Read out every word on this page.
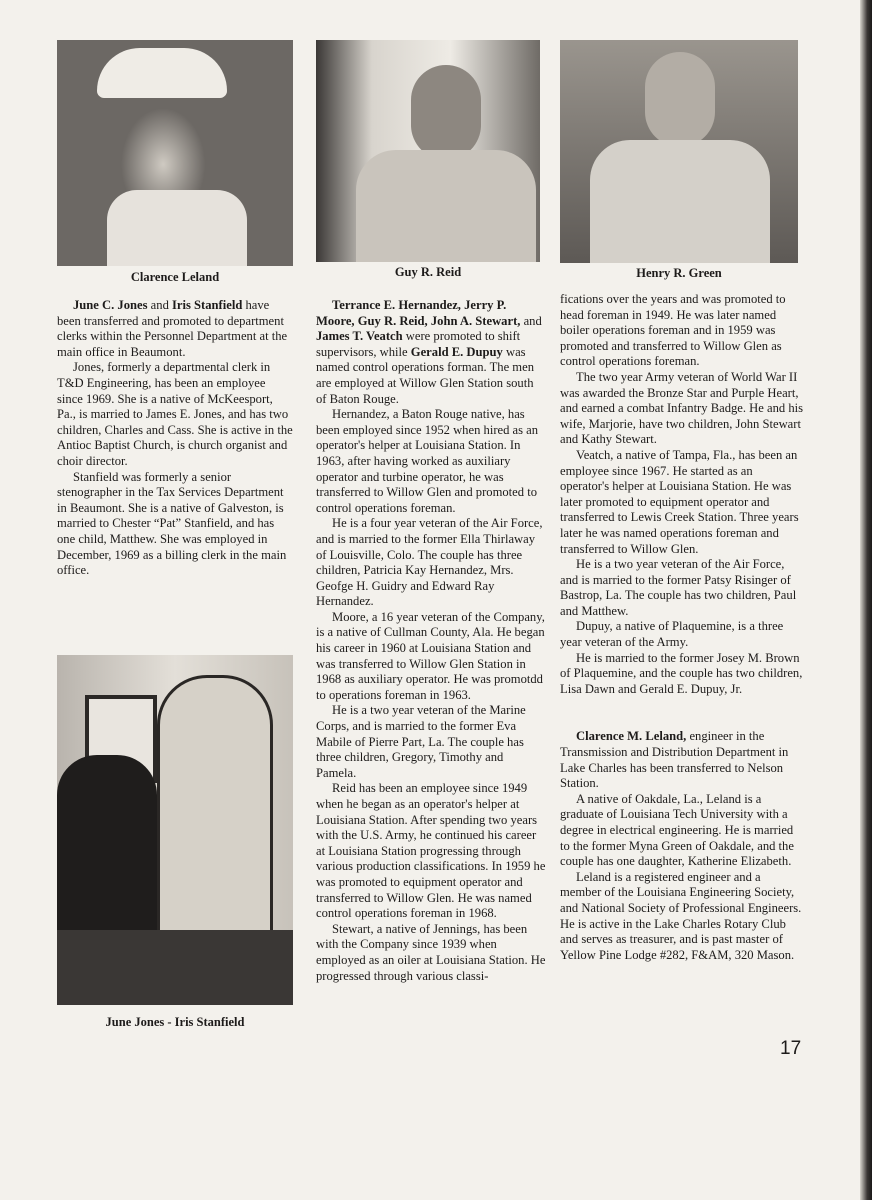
Clarence Leland	Guy R. Reid	Henry R. Green
June Jones - Iris Stanfield

June C. Jones and Iris Stanfield have been transferred and promoted to department clerks within the Personnel Department at the main office in Beaumont.

Jones, formerly a departmental clerk in T&D Engineering, has been an employee since 1969. She is a native of McKeesport, Pa., is married to James E. Jones, and has two children, Charles and Cass. She is active in the Antioc Baptist Church, is church organist and choir director.

Stanfield was formerly a senior stenographer in the Tax Services Department in Beaumont. She is a native of Galveston, is married to Chester “Pat” Stanfield, and has one child, Matthew. She was employed in December, 1969 as a billing clerk in the main office.

Terrance E. Hernandez, Jerry P. Moore, Guy R. Reid, John A. Stewart, and James T. Veatch were promoted to shift supervisors, while Gerald E. Dupuy was named control operations forman. The men are employed at Willow Glen Station south of Baton Rouge.

Hernandez, a Baton Rouge native, has been employed since 1952 when hired as an operator's helper at Louisiana Station. In 1963, after having worked as auxiliary operator and turbine operator, he was transferred to Willow Glen and promoted to control operations foreman.

He is a four year veteran of the Air Force, and is married to the former Ella Thirlaway of Louisville, Colo. The couple has three children, Patricia Kay Hernandez, Mrs. Geofge H. Guidry and Edward Ray Hernandez.

Moore, a 16 year veteran of the Company, is a native of Cullman County, Ala. He began his career in 1960 at Louisiana Station and was transferred to Willow Glen Station in 1968 as auxiliary operator. He was promotdd to operations foreman in 1963.

He is a two year veteran of the Marine Corps, and is married to the former Eva Mabile of Pierre Part, La. The couple has three children, Gregory, Timothy and Pamela.

Reid has been an employee since 1949 when he began as an operator's helper at Louisiana Station. After spending two years with the U.S. Army, he continued his career at Louisiana Station progressing through various production classifications. In 1959 he was promoted to equipment operator and transferred to Willow Glen. He was named control operations foreman in 1968.

Stewart, a native of Jennings, has been with the Company since 1939 when employed as an oiler at Louisiana Station. He progressed through various classi-

fications over the years and was promoted to head foreman in 1949. He was later named boiler operations foreman and in 1959 was promoted and transferred to Willow Glen as control operations foreman.

The two year Army veteran of World War II was awarded the Bronze Star and Purple Heart, and earned a combat Infantry Badge. He and his wife, Marjorie, have two children, John Stewart and Kathy Stewart.

Veatch, a native of Tampa, Fla., has been an employee since 1967. He started as an operator's helper at Louisiana Station. He was later promoted to equipment operator and transferred to Lewis Creek Station. Three years later he was named operations foreman and transferred to Willow Glen.

He is a two year veteran of the Air Force, and is married to the former Patsy Risinger of Bastrop, La. The couple has two children, Paul and Matthew.

Dupuy, a native of Plaquemine, is a three year veteran of the Army.

He is married to the former Josey M. Brown of Plaquemine, and the couple has two children, Lisa Dawn and Gerald E. Dupuy, Jr.

Clarence M. Leland, engineer in the Transmission and Distribution Department in Lake Charles has been transferred to Nelson Station.

A native of Oakdale, La., Leland is a graduate of Louisiana Tech University with a degree in electrical engineering. He is married to the former Myna Green of Oakdale, and the couple has one daughter, Katherine Elizabeth.

Leland is a registered engineer and a member of the Louisiana Engineering Society, and National Society of Professional Engineers. He is active in the Lake Charles Rotary Club and serves as treasurer, and is past master of Yellow Pine Lodge #282, F&AM, 320 Mason.

17
